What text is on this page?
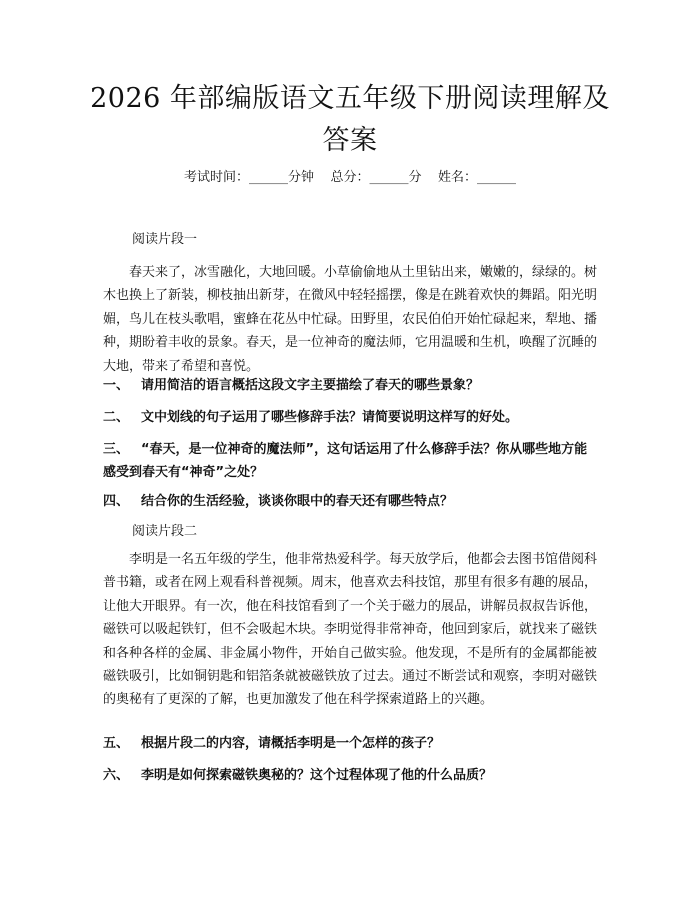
2026 年部编版语文五年级下册阅读理解及答案
考试时间：______分钟    总分：______分    姓名：______
阅读片段一

春天来了，冰雪融化，大地回暖。小草偷偷地从土里钻出来，嫩嫩的，绿绿的。树木也换上了新装，柳枝抽出新芽，在微风中轻轻摇摆，像是在跳着欢快的舞蹈。阳光明媚，鸟儿在枝头歌唱，蜜蜂在花丛中忙碌。田野里，农民伯伯开始忙碌起来，犁地、播种，期盼着丰收的景象。春天，是一位神奇的魔法师，它用温暖和生机，唤醒了沉睡的大地，带来了希望和喜悦。

一、 请用简洁的语言概括这段文字主要描绘了春天的哪些景象？

二、 文中划线的句子运用了哪些修辞手法？请简要说明这样写的好处。

三、 “春天，是一位神奇的魔法师”，这句话运用了什么修辞手法？你从哪些地方能感受到春天有“神奇”之处？

四、 结合你的生活经验，谈谈你眼中的春天还有哪些特点？

阅读片段二

李明是一名五年级的学生，他非常热爱科学。每天放学后，他都会去图书馆借阅科普书籍，或者在网上观看科普视频。周末，他喜欢去科技馆，那里有很多有趣的展品，让他大开眼界。有一次，他在科技馆看到了一个关于磁力的展品，讲解员叔叔告诉他，磁铁可以吸起铁钉，但不会吸起木块。李明觉得非常神奇，他回到家后，就找来了磁铁和各种各样的金属、非金属小物件，开始自己做实验。他发现，不是所有的金属都能被磁铁吸引，比如铜钥匙和铝箔条就被磁铁放了过去。通过不断尝试和观察，李明对磁铁的奥秘有了更深的了解，也更加激发了他在科学探索道路上的兴趣。

五、 根据片段二的内容，请概括李明是一个怎样的孩子？

六、 李明是如何探索磁铁奥秘的？这个过程体现了他的什么品质？
